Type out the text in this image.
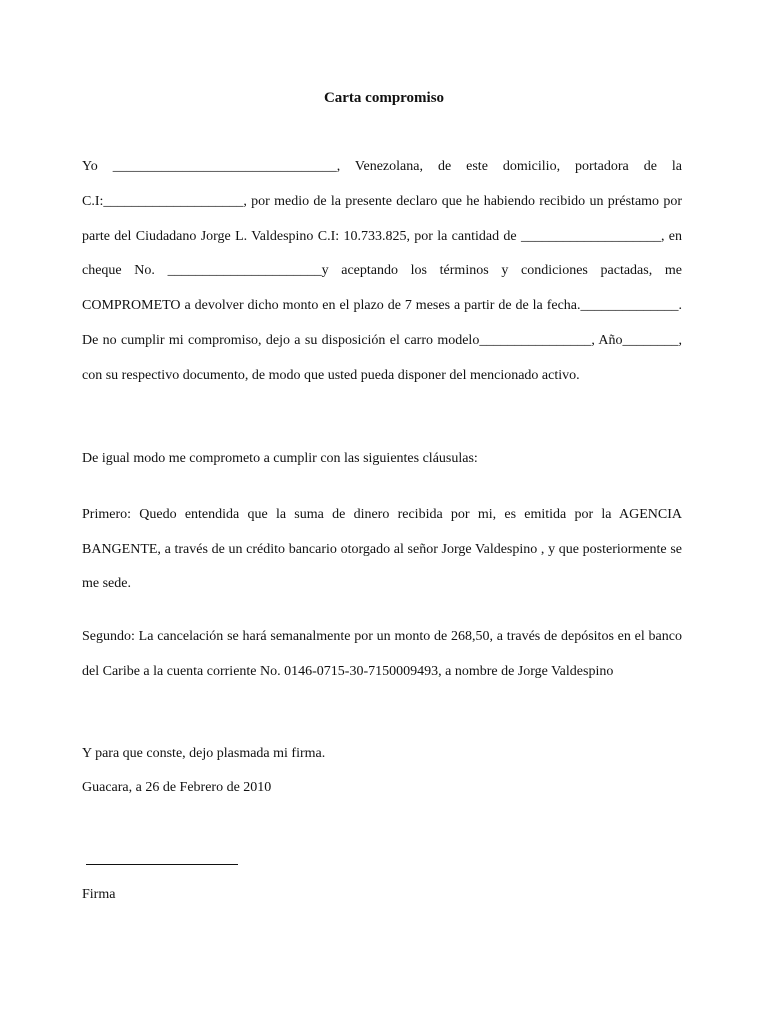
Carta compromiso

Yo ________________________________, Venezolana, de este domicilio, portadora de la C.I:____________________, por medio de la presente declaro que he habiendo recibido un préstamo por parte del Ciudadano Jorge L. Valdespino C.I: 10.733.825, por la cantidad de ____________________, en cheque No. ______________________y aceptando los términos y condiciones pactadas, me COMPROMETO a devolver dicho monto en el plazo de 7 meses a partir de de la fecha.______________. De no cumplir mi compromiso, dejo a su disposición el carro modelo________________, Año________, con su respectivo documento, de modo que usted pueda disponer del mencionado activo.

De igual modo me comprometo a cumplir con las siguientes cláusulas:

Primero: Quedo entendida que la suma de dinero recibida por mi, es emitida por la AGENCIA BANGENTE, a través de un crédito bancario otorgado al señor Jorge Valdespino , y que posteriormente se me sede.

Segundo: La cancelación se hará semanalmente por un monto de 268,50, a través de depósitos en el banco del Caribe a la cuenta corriente No. 0146-0715-30-7150009493, a nombre de Jorge Valdespino

Y para que conste, dejo plasmada mi firma.

Guacara, a 26 de Febrero de 2010

Firma
